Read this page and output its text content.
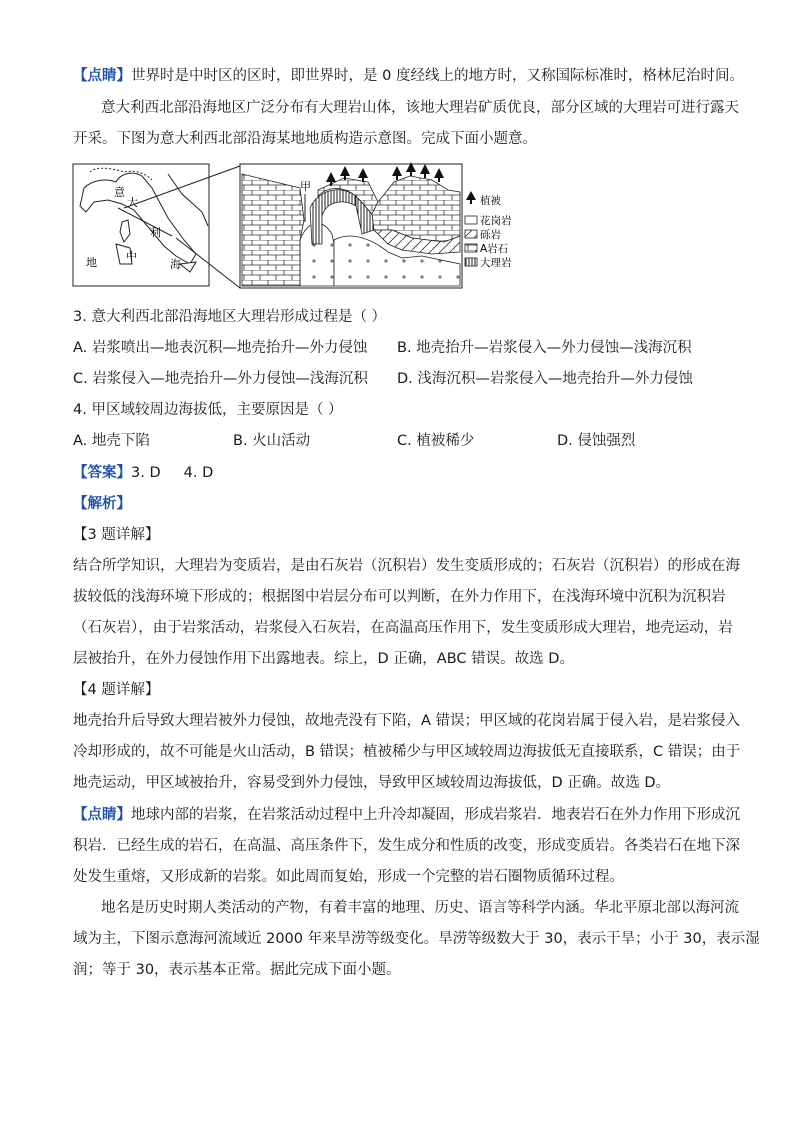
【点睛】世界时是中时区的区时，即世界时，是 0 度经线上的地方时，又称国际标准时，格林尼治时间。
意大利西北部沿海地区广泛分布有大理岩山体，该地大理岩矿质优良，部分区域的大理岩可进行露天
开采。下图为意大利西北部沿海某地地质构造示意图。完成下面小题意。
意
大
利
地	中
海
甲
植被
花岗岩
砾岩
A岩石
大理岩
3. 意大利西北部沿海地区大理岩形成过程是（ ）
A. 岩浆喷出—地表沉积—地壳抬升—外力侵蚀 B. 地壳抬升—岩浆侵入—外力侵蚀—浅海沉积
C. 岩浆侵入—地壳抬升—外力侵蚀—浅海沉积 D. 浅海沉积—岩浆侵入—地壳抬升—外力侵蚀
4. 甲区域较周边海拔低，主要原因是（ ）
A. 地壳下陷	B. 火山活动	C. 植被稀少	D. 侵蚀强烈
【答案】3. D     4. D
【解析】
【3 题详解】
结合所学知识，大理岩为变质岩，是由石灰岩（沉积岩）发生变质形成的；石灰岩（沉积岩）的形成在海
拔较低的浅海环境下形成的；根据图中岩层分布可以判断，在外力作用下，在浅海环境中沉积为沉积岩
（石灰岩），由于岩浆活动，岩浆侵入石灰岩，在高温高压作用下，发生变质形成大理岩，地壳运动，岩
层被抬升，在外力侵蚀作用下出露地表。综上，D 正确，ABC 错误。故选 D。
【4 题详解】
地壳抬升后导致大理岩被外力侵蚀，故地壳没有下陷，A 错误；甲区域的花岗岩属于侵入岩，是岩浆侵入
冷却形成的，故不可能是火山活动，B 错误；植被稀少与甲区域较周边海拔低无直接联系，C 错误；由于
地壳运动，甲区域被抬升，容易受到外力侵蚀，导致甲区域较周边海拔低，D 正确。故选 D。
【点睛】地球内部的岩浆，在岩浆活动过程中上升冷却凝固，形成岩浆岩．地表岩石在外力作用下形成沉
积岩．已经生成的岩石，在高温、高压条件下，发生成分和性质的改变，形成变质岩。各类岩石在地下深
处发生重熔，又形成新的岩浆。如此周而复始，形成一个完整的岩石圈物质循环过程。
地名是历史时期人类活动的产物，有着丰富的地理、历史、语言等科学内涵。华北平原北部以海河流
域为主，下图示意海河流域近 2000 年来旱涝等级变化。旱涝等级数大于 30，表示干旱；小于 30，表示湿
润；等于 30，表示基本正常。据此完成下面小题。
